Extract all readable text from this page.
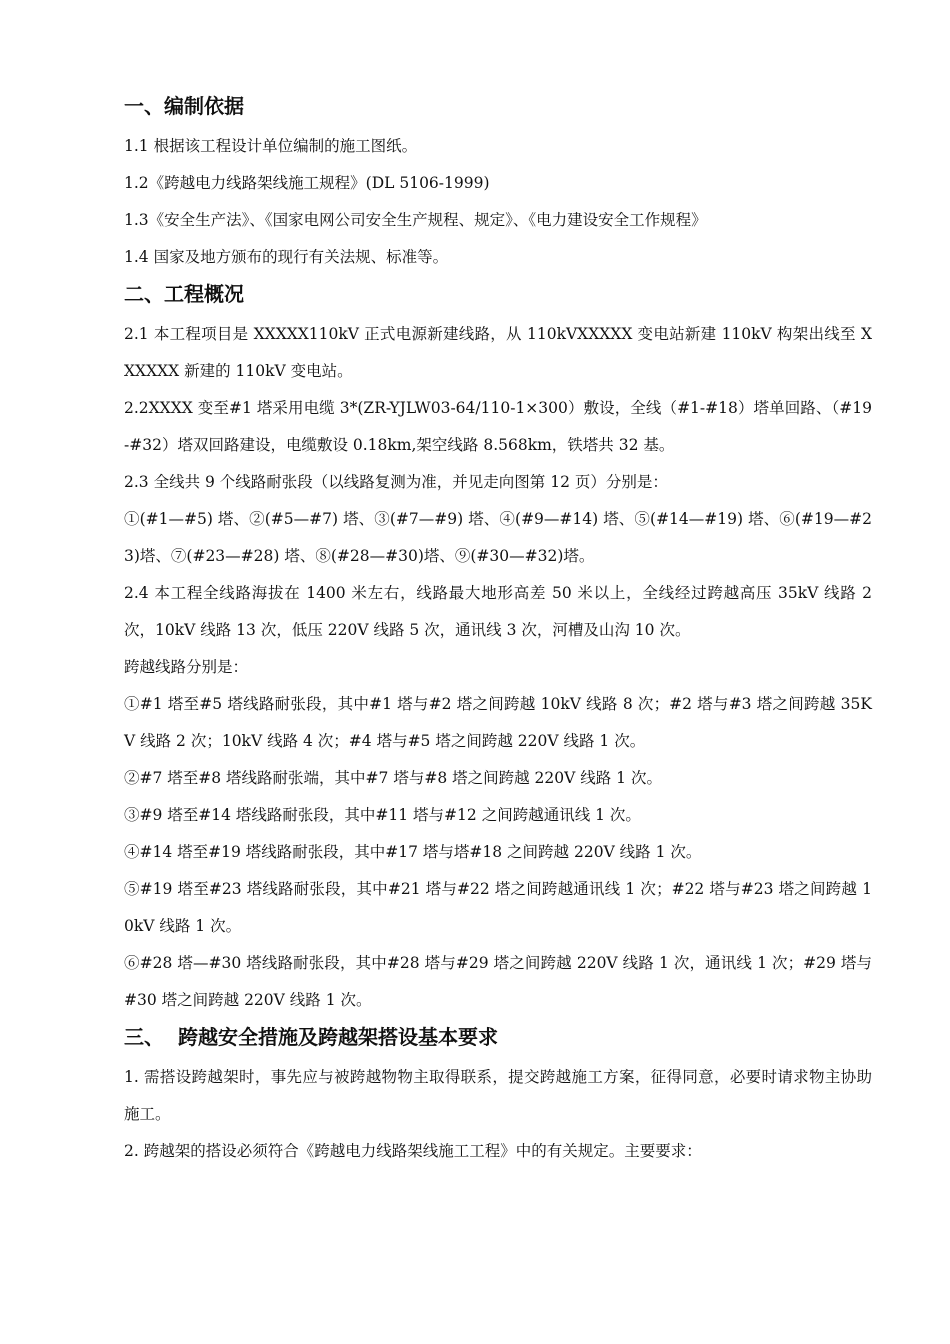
一、编制依据

1.1 根据该工程设计单位编制的施工图纸。

1.2《跨越电力线路架线施工规程》(DL 5106-1999)

1.3《安全生产法》、《国家电网公司安全生产规程、规定》、《电力建设安全工作规程》

1.4 国家及地方颁布的现行有关法规、标准等。

二、工程概况

2.1 本工程项目是 XXXXX110kV 正式电源新建线路，从 110kVXXXXX 变电站新建 110kV 构架出线至 XXXXXX 新建的 110kV 变电站。

2.2XXXX 变至#1 塔采用电缆 3*(ZR-YJLW03-64/110-1×300）敷设，全线（#1-#18）塔单回路、（#19-#32）塔双回路建设，电缆敷设 0.18km,架空线路 8.568km，铁塔共 32 基。

2.3 全线共 9 个线路耐张段（以线路复测为准，并见走向图第 12 页）分别是：

①(#1—#5) 塔、②(#5—#7) 塔、③(#7—#9) 塔、④(#9—#14) 塔、⑤(#14—#19) 塔、⑥(#19—#23)塔、⑦(#23—#28) 塔、⑧(#28—#30)塔、⑨(#30—#32)塔。

2.4 本工程全线路海拔在 1400 米左右，线路最大地形高差 50 米以上，全线经过跨越高压 35kV 线路 2 次，10kV 线路 13 次，低压 220V 线路 5 次，通讯线 3 次，河槽及山沟 10 次。

跨越线路分别是：

①#1 塔至#5 塔线路耐张段，其中#1 塔与#2 塔之间跨越 10kV 线路 8 次；#2 塔与#3 塔之间跨越 35KV 线路 2 次；10kV 线路 4 次；#4 塔与#5 塔之间跨越 220V 线路 1 次。

②#7 塔至#8 塔线路耐张端，其中#7 塔与#8 塔之间跨越 220V 线路 1 次。

③#9 塔至#14 塔线路耐张段，其中#11 塔与#12 之间跨越通讯线 1 次。

④#14 塔至#19 塔线路耐张段，其中#17 塔与塔#18 之间跨越 220V 线路 1 次。

⑤#19 塔至#23 塔线路耐张段，其中#21 塔与#22 塔之间跨越通讯线 1 次；#22 塔与#23 塔之间跨越 10kV 线路 1 次。

⑥#28 塔—#30 塔线路耐张段，其中#28 塔与#29 塔之间跨越 220V 线路 1 次，通讯线 1 次；#29 塔与#30 塔之间跨越 220V 线路 1 次。

三、 跨越安全措施及跨越架搭设基本要求

1. 需搭设跨越架时，事先应与被跨越物物主取得联系，提交跨越施工方案，征得同意，必要时请求物主协助施工。

2. 跨越架的搭设必须符合《跨越电力线路架线施工工程》中的有关规定。主要要求：
